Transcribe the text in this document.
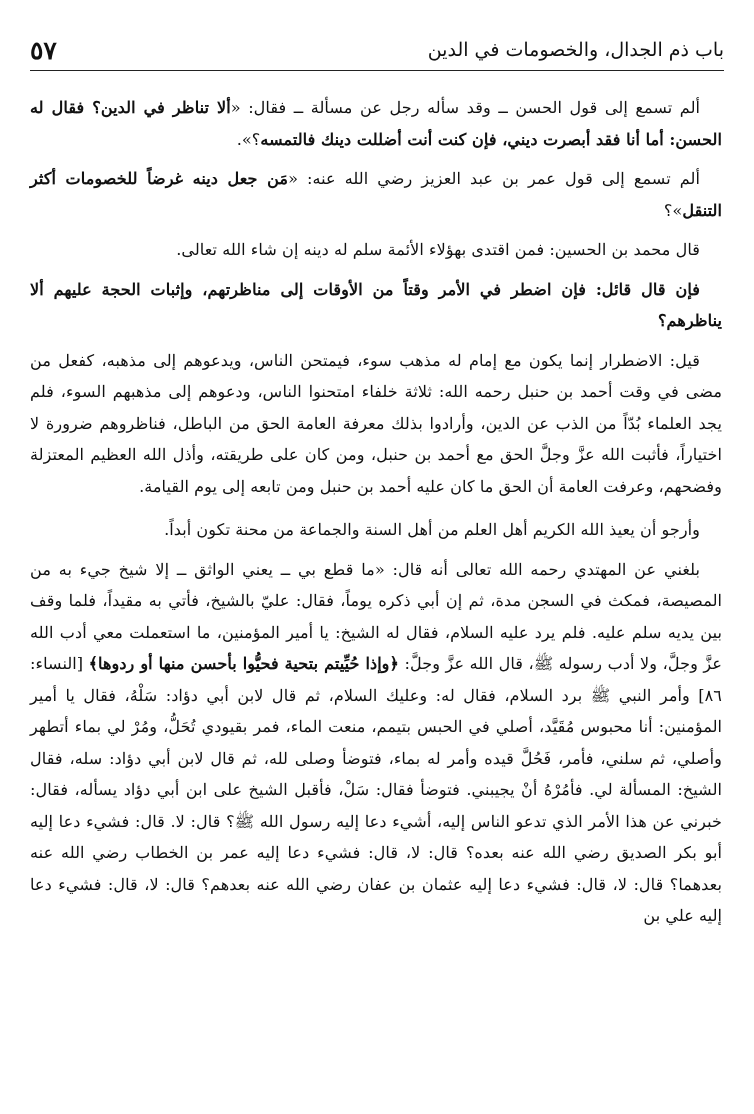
باب ذم الجدال، والخصومات في الدين
٥٧

ألم تسمع إلى قول الحسن ــ وقد سأله رجل عن مسألة ــ فقال: «ألا تناظر في الدين؟ فقال له الحسن: أما أنا فقد أبصرت ديني، فإن كنت أنت أضللت دينك فالتمسه؟».

ألم تسمع إلى قول عمر بن عبد العزيز رضي الله عنه: «مَن جعل دينه غرضاً للخصومات أكثر التنقل»؟

قال محمد بن الحسين: فمن اقتدى بهؤلاء الأئمة سلم له دينه إن شاء الله تعالى.

فإن قال قائل: فإن اضطر في الأمر وقتاً من الأوقات إلى مناظرتهم، وإثبات الحجة عليهم ألا يناظرهم؟

قيل: الاضطرار إنما يكون مع إمام له مذهب سوء، فيمتحن الناس، ويدعوهم إلى مذهبه، كفعل من مضى في وقت أحمد بن حنبل رحمه الله: ثلاثة خلفاء امتحنوا الناس، ودعوهم إلى مذهبهم السوء، فلم يجد العلماء بُدّاً من الذب عن الدين، وأرادوا بذلك معرفة العامة الحق من الباطل، فناظروهم ضرورة لا اختياراً، فأثبت الله عزَّ وجلَّ الحق مع أحمد بن حنبل، ومن كان على طريقته، وأذل الله العظيم المعتزلة وفضحهم، وعرفت العامة أن الحق ما كان عليه أحمد بن حنبل ومن تابعه إلى يوم القيامة.

وأرجو أن يعيذ الله الكريم أهل العلم من أهل السنة والجماعة من محنة تكون أبداً.

بلغني عن المهتدي رحمه الله تعالى أنه قال: «ما قطع بي ــ يعني الواثق ــ إلا شيخ جيء به من المصيصة، فمكث في السجن مدة، ثم إن أبي ذكره يوماً، فقال: عليّ بالشيخ، فأتي به مقيداً، فلما وقف بين يديه سلم عليه. فلم يرد عليه السلام، فقال له الشيخ: يا أمير المؤمنين، ما استعملت معي أدب الله عزَّ وجلَّ، ولا أدب رسوله ﷺ، قال الله عزَّ وجلَّ: ﴿وإذا حُيِّيتم بتحية فحيُّوا بأحسن منها أو ردوها﴾ [النساء: ٨٦] وأمر النبي ﷺ برد السلام، فقال له: وعليك السلام، ثم قال لابن أبي دؤاد: سَلْهُ، فقال يا أمير المؤمنين: أنا محبوس مُقَيَّد، أصلي في الحبس بتيمم، منعت الماء، فمر بقيودي تُحَلُّ، ومُرْ لي بماء أتطهر وأصلي، ثم سلني، فأمر، فَحُلَّ قيده وأمر له بماء، فتوضأ وصلى لله، ثم قال لابن أبي دؤاد: سله، فقال الشيخ: المسألة لي. فأمُرْهُ أنْ يجيبني. فتوضأ فقال: سَلْ، فأقبل الشيخ على ابن أبي دؤاد يسأله، فقال: خبرني عن هذا الأمر الذي تدعو الناس إليه، أشيء دعا إليه رسول الله ﷺ؟ قال: لا. قال: فشيء دعا إليه أبو بكر الصديق رضي الله عنه بعده؟ قال: لا، قال: فشيء دعا إليه عمر بن الخطاب رضي الله عنه بعدهما؟ قال: لا، قال: فشيء دعا إليه عثمان بن عفان رضي الله عنه بعدهم؟ قال: لا، قال: فشيء دعا إليه علي بن
